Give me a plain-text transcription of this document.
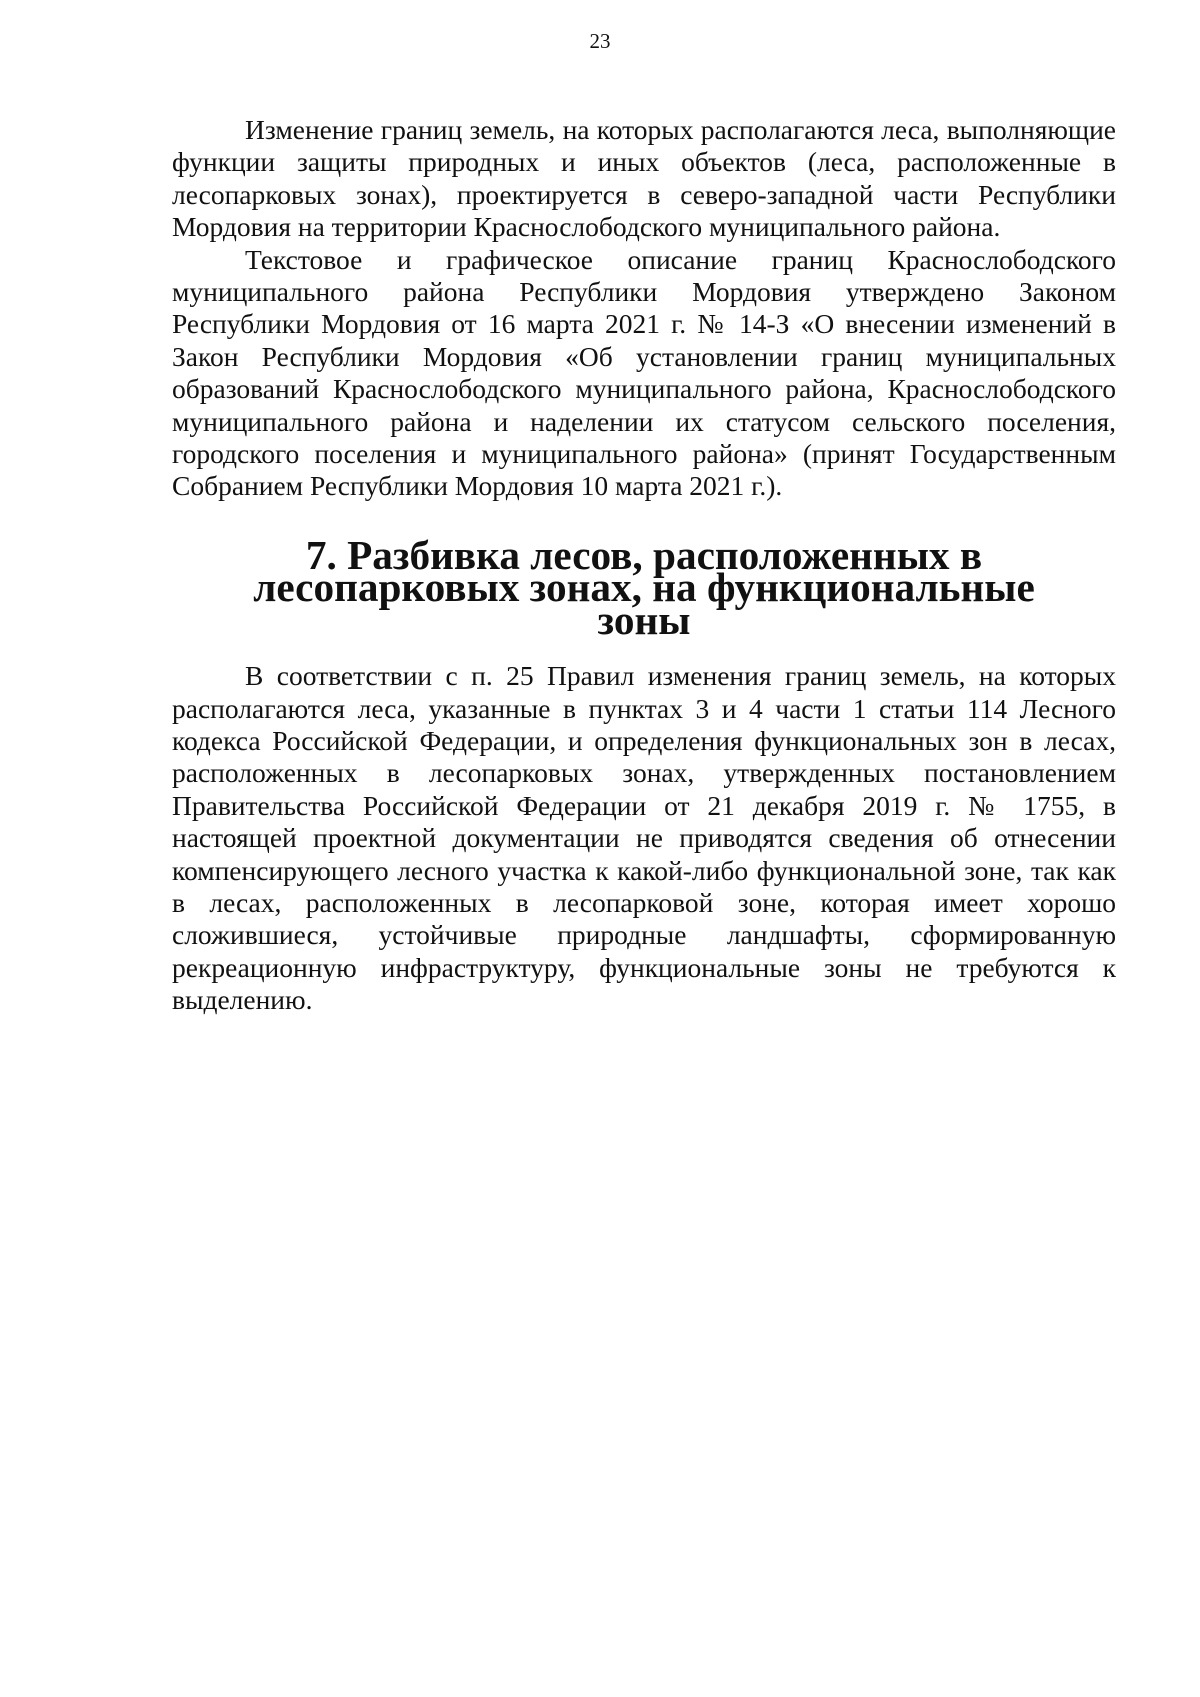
23

Изменение границ земель, на которых располагаются леса, выполняющие функции защиты природных и иных объектов (леса, расположенные в лесопарковых зонах), проектируется в северо-западной части Республики Мордовия на территории Краснослободского муниципального района.

Текстовое и графическое описание границ Краснослободского муниципального района Республики Мордовия утверждено Законом Республики Мордовия от 16 марта 2021 г. № 14-З «О внесении изменений в Закон Республики Мордовия «Об установлении границ муниципальных образований Краснослободского муниципального района, Краснослободского муниципального района и наделении их статусом сельского поселения, городского поселения и муниципального района» (принят Государственным Собранием Республики Мордовия 10 марта 2021 г.).

7. Разбивка лесов, расположенных в лесопарковых зонах, на функциональные зоны

В соответствии с п. 25 Правил изменения границ земель, на которых располагаются леса, указанные в пунктах 3 и 4 части 1 статьи 114 Лесного кодекса Российской Федерации, и определения функциональных зон в лесах, расположенных в лесопарковых зонах, утвержденных постановлением Правительства Российской Федерации от 21 декабря 2019 г. № 1755, в настоящей проектной документации не приводятся сведения об отнесении компенсирующего лесного участка к какой-либо функциональной зоне, так как в лесах, расположенных в лесопарковой зоне, которая имеет хорошо сложившиеся, устойчивые природные ландшафты, сформированную рекреационную инфраструктуру, функциональные зоны не требуются к выделению.
